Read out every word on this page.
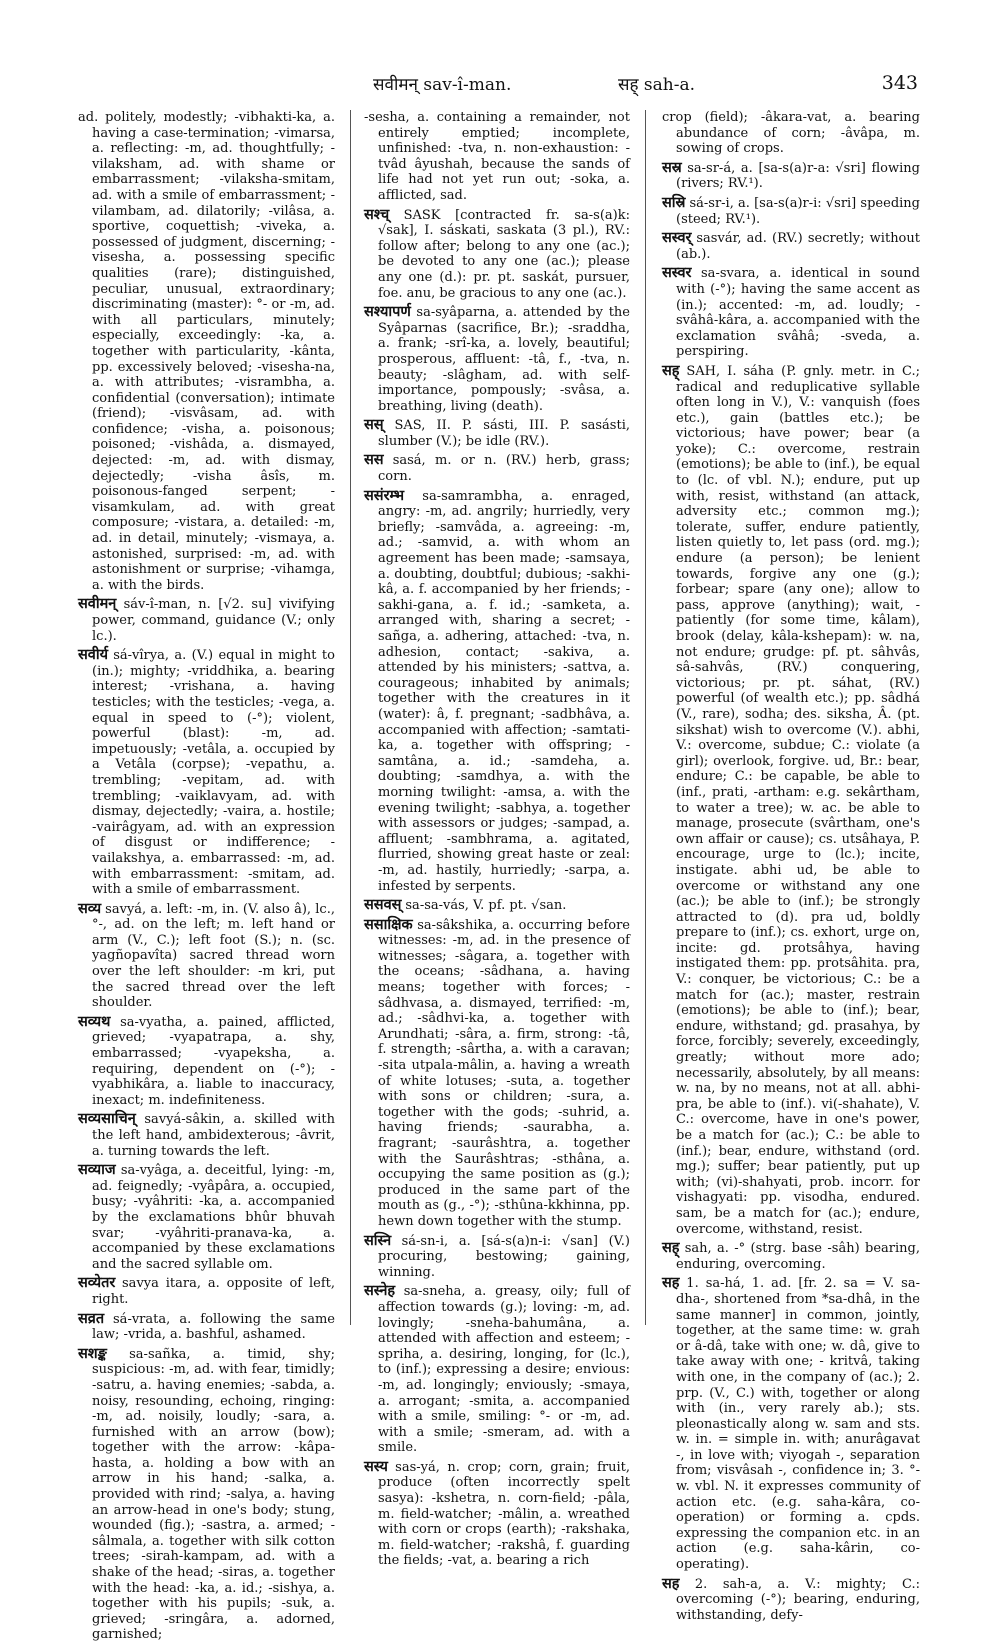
सवीमन् sav-î-man.	सह् sah-a.	343
ad. politely, modestly; -vibhakti-ka, a. having a case-termination; -vimarsa, a. reflecting: -m, ad. thoughtfully; -vilaksham, ad. with shame or embarrassment; -vilaksha-smitam, ad. with a smile of embarrassment; -vilambam, ad. dilatorily; -vilâsa, a. sportive, coquettish; -viveka, a. possessed of judgment, discerning; -visesha, a. possessing specific qualities (rare); distinguished, peculiar, unusual, extraordinary; discriminating (master): °- or -m, ad. with all particulars, minutely; especially, exceedingly: -ka, a. together with particularity, -kânta, pp. excessively beloved; -visesha-na, a. with attributes; -visrambha, a. confidential (conversation); intimate (friend); -visvâsam, ad. with confidence; -visha, a. poisonous; poisoned; -vishâda, a. dismayed, dejected: -m, ad. with dismay, dejectedly; -visha âsîs, m. poisonous-fanged serpent; -visamkulam, ad. with great composure; -vistara, a. detailed: -m, ad. in detail, minutely; -vismaya, a. astonished, surprised: -m, ad. with astonishment or surprise; -vihamga, a. with the birds.
सवीमन् sáv-î-man, n. [√2. su] vivifying power, command, guidance (V.; only lc.).
सवीर्य sá-vîrya, a. (V.) equal in might to (in.); mighty; -vriddhika, a. bearing interest; -vrishana, a. having testicles; with the testicles; -vega, a. equal in speed to (-°); violent, powerful (blast): -m, ad. impetuously; -vetâla, a. occupied by a Vetâla (corpse); -vepathu, a. trembling; -vepitam, ad. with trembling; -vaiklavyam, ad. with dismay, dejectedly; -vaira, a. hostile; -vairâgyam, ad. with an expression of disgust or indifference; -vailakshya, a. embarrassed: -m, ad. with embarrassment: -smitam, ad. with a smile of embarrassment.
सव्य savyá, a. left: -m, in. (V. also â), lc., °-, ad. on the left; m. left hand or arm (V., C.); left foot (S.); n. (sc. yagñopavîta) sacred thread worn over the left shoulder: -m kri, put the sacred thread over the left shoulder.
सव्यथ sa-vyatha, a. pained, afflicted, grieved; -vyapatrapa, a. shy, embarrassed; -vyapeksha, a. requiring, dependent on (-°); -vyabhikâra, a. liable to inaccuracy, inexact; m. indefiniteness.
सव्यसाचिन् savyá-sâkin, a. skilled with the left hand, ambidexterous; -âvrit, a. turning towards the left.
सव्याज sa-vyâga, a. deceitful, lying: -m, ad. feignedly; -vyâpâra, a. occupied, busy; -vyâhriti: -ka, a. accompanied by the exclamations bhûr bhuvah svar; -vyâhriti-pranava-ka, a. accompanied by these exclamations and the sacred syllable om.
सव्येतर savya itara, a. opposite of left, right.
सव्रत sá-vrata, a. following the same law; -vrida, a. bashful, ashamed.
सशङ्क sa-sañka, a. timid, shy; suspicious: -m, ad. with fear, timidly; -satru, a. having enemies; -sabda, a. noisy, resounding, echoing, ringing: -m, ad. noisily, loudly; -sara, a. furnished with an arrow (bow); together with the arrow: -kâpa-hasta, a. holding a bow with an arrow in his hand; -salka, a. provided with rind; -salya, a. having an arrow-head in one's body; stung, wounded (fig.); -sastra, a. armed; -sâlmala, a. together with silk cotton trees; -sirah-kampam, ad. with a shake of the head; -siras, a. together with the head: -ka, a. id.; -sishya, a. together with his pupils; -suk, a. grieved; -sringâra, a. adorned, garnished;
-sesha, a. containing a remainder, not entirely emptied; incomplete, unfinished: -tva, n. non-exhaustion: -tvâd âyushah, because the sands of life had not yet run out; -soka, a. afflicted, sad.
सश्च् SASK [contracted fr. sa-s(a)k: √sak], I. sáskati, saskata (3 pl.), RV.: follow after; belong to any one (ac.); be devoted to any one (ac.); please any one (d.): pr. pt. saskát, pursuer, foe. anu, be gracious to any one (ac.).
सश्यापर्ण sa-syâparna, a. attended by the Syâparnas (sacrifice, Br.); -sraddha, a. frank; -srî-ka, a. lovely, beautiful; prosperous, affluent: -tâ, f., -tva, n. beauty; -slâgham, ad. with self-importance, pompously; -svâsa, a. breathing, living (death).
सस् SAS, II. P. sásti, III. P. sasásti, slumber (V.); be idle (RV.).
सस sasá, m. or n. (RV.) herb, grass; corn.
ससंरम्भ sa-samrambha, a. enraged, angry: -m, ad. angrily; hurriedly, very briefly; -samvâda, a. agreeing: -m, ad.; -samvid, a. with whom an agreement has been made; -samsaya, a. doubting, doubtful; dubious; -sakhi-kâ, a. f. accompanied by her friends; -sakhi-gana, a. f. id.; -samketa, a. arranged with, sharing a secret; -sañga, a. adhering, attached: -tva, n. adhesion, contact; -sakiva, a. attended by his ministers; -sattva, a. courageous; inhabited by animals; together with the creatures in it (water): â, f. pregnant; -sadbhâva, a. accompanied with affection; -samtati-ka, a. together with offspring; -samtâna, a. id.; -samdeha, a. doubting; -samdhya, a. with the morning twilight: -amsa, a. with the evening twilight; -sabhya, a. together with assessors or judges; -sampad, a. affluent; -sambhrama, a. agitated, flurried, showing great haste or zeal: -m, ad. hastily, hurriedly; -sarpa, a. infested by serpents.
ससवस् sa-sa-vás, V. pf. pt. √san.
ससाक्षिक sa-sâkshika, a. occurring before witnesses: -m, ad. in the presence of witnesses; -sâgara, a. together with the oceans; -sâdhana, a. having means; together with forces; -sâdhvasa, a. dismayed, terrified: -m, ad.; -sâdhvi-ka, a. together with Arundhati; -sâra, a. firm, strong: -tâ, f. strength; -sârtha, a. with a caravan; -sita utpala-mâlin, a. having a wreath of white lotuses; -suta, a. together with sons or children; -sura, a. together with the gods; -suhrid, a. having friends; -saurabha, a. fragrant; -saurâshtra, a. together with the Saurâshtras; -sthâna, a. occupying the same position as (g.); produced in the same part of the mouth as (g., -°); -sthûna-kkhinna, pp. hewn down together with the stump.
सस्नि sá-sn-i, a. [sá-s(a)n-i: √san] (V.) procuring, bestowing; gaining, winning.
सस्नेह sa-sneha, a. greasy, oily; full of affection towards (g.); loving: -m, ad. lovingly; -sneha-bahumâna, a. attended with affection and esteem; -spriha, a. desiring, longing, for (lc.), to (inf.); expressing a desire; envious: -m, ad. longingly; enviously; -smaya, a. arrogant; -smita, a. accompanied with a smile, smiling: °- or -m, ad. with a smile; -smeram, ad. with a smile.
सस्य sas-yá, n. crop; corn, grain; fruit, produce (often incorrectly spelt sasya): -kshetra, n. corn-field; -pâla, m. field-watcher; -mâlin, a. wreathed with corn or crops (earth); -rakshaka, m. field-watcher; -rakshâ, f. guarding the fields; -vat, a. bearing a rich
crop (field); -âkara-vat, a. bearing abundance of corn; -âvâpa, m. sowing of crops.
सस्र sa-sr-á, a. [sa-s(a)r-a: √sri] flowing (rivers; RV.¹).
सस्रि sá-sr-i, a. [sa-s(a)r-i: √sri] speeding (steed; RV.¹).
सस्वर् sasvár, ad. (RV.) secretly; without (ab.).
सस्वर sa-svara, a. identical in sound with (-°); having the same accent as (in.); accented: -m, ad. loudly; -svâhâ-kâra, a. accompanied with the exclamation svâhâ; -sveda, a. perspiring.
सह् SAH, I. sáha (P. gnly. metr. in C.; radical and reduplicative syllable often long in V.), V.: vanquish (foes etc.), gain (battles etc.); be victorious; have power; bear (a yoke); C.: overcome, restrain (emotions); be able to (inf.), be equal to (lc. of vbl. N.); endure, put up with, resist, withstand (an attack, adversity etc.; common mg.); tolerate, suffer, endure patiently, listen quietly to, let pass (ord. mg.); endure (a person); be lenient towards, forgive any one (g.); forbear; spare (any one); allow to pass, approve (anything); wait, - patiently (for some time, kâlam), brook (delay, kâla-kshepam): w. na, not endure; grudge: pf. pt. sâhvâs, sâ-sahvâs, (RV.) conquering, victorious; pr. pt. sáhat, (RV.) powerful (of wealth etc.); pp. sâdhá (V., rare), sodha; des. siksha, Â. (pt. sikshat) wish to overcome (V.). abhi, V.: overcome, subdue; C.: violate (a girl); overlook, forgive. ud, Br.: bear, endure; C.: be capable, be able to (inf., prati, -artham: e.g. sekârtham, to water a tree); w. ac. be able to manage, prosecute (svârtham, one's own affair or cause); cs. utsâhaya, P. encourage, urge to (lc.); incite, instigate. abhi ud, be able to overcome or withstand any one (ac.); be able to (inf.); be strongly attracted to (d). pra ud, boldly prepare to (inf.); cs. exhort, urge on, incite: gd. protsâhya, having instigated them: pp. protsâhita. pra, V.: conquer, be victorious; C.: be a match for (ac.); master, restrain (emotions); be able to (inf.); bear, endure, withstand; gd. prasahya, by force, forcibly; severely, exceedingly, greatly; without more ado; necessarily, absolutely, by all means: w. na, by no means, not at all. abhi-pra, be able to (inf.). vi(-shahate), V. C.: overcome, have in one's power, be a match for (ac.); C.: be able to (inf.); bear, endure, withstand (ord. mg.); suffer; bear patiently, put up with; (vi)-shahyati, prob. incorr. for vishagyati: pp. visodha, endured. sam, be a match for (ac.); endure, overcome, withstand, resist.
सह् sah, a. -° (strg. base -sâh) bearing, enduring, overcoming.
सह 1. sa-há, 1. ad. [fr. 2. sa = V. sa-dha-, shortened from *sa-dhâ, in the same manner] in common, jointly, together, at the same time: w. grah or â-dâ, take with one; w. dâ, give to take away with one; - kritvâ, taking with one, in the company of (ac.); 2. prp. (V., C.) with, together or along with (in., very rarely ab.); sts. pleonastically along w. sam and sts. w. in. = simple in. with; anurâgavat -, in love with; viyogah -, separation from; visvâsah -, confidence in; 3. °- w. vbl. N. it expresses community of action etc. (e.g. saha-kâra, co-operation) or forming a. cpds. expressing the companion etc. in an action (e.g. saha-kârin, co-operating).
सह 2. sah-a, a. V.: mighty; C.: overcoming (-°); bearing, enduring, withstanding, defy-
